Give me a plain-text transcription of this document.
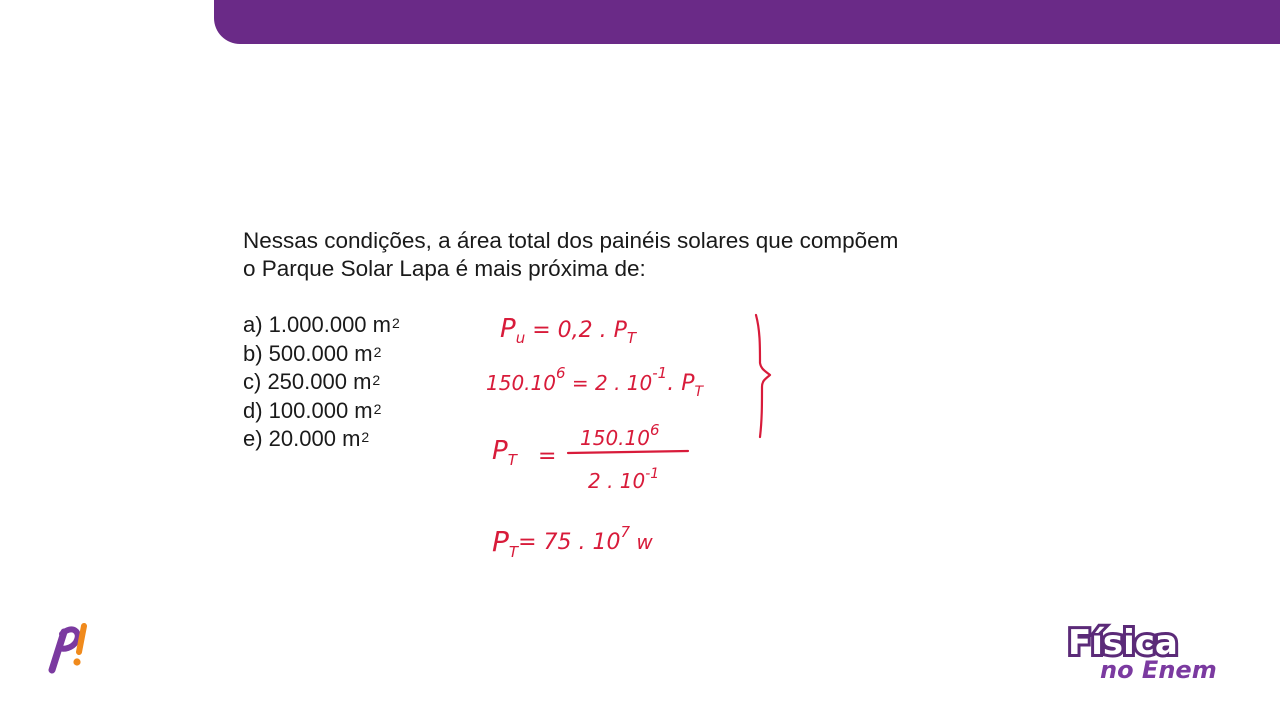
Nessas condições, a área total dos painéis solares que compõem
o Parque Solar Lapa é mais próxima de:

a) 1.000.000 $m^2$
b) 500.000 $m^2$
c) 250.000 $m^2$
d) 100.000 $m^2$
e) 20.000 $m^2$
$P_u$ $^{= 0,2 . P}_T$
$150.10^6 = 2$ . $10^{-1}$. $P_T$
$P_T$ =
$150.10^6$
2 . $10^{-1}$
$P_T^{= 75 . 107}$ $_w$
Física
no Enem
